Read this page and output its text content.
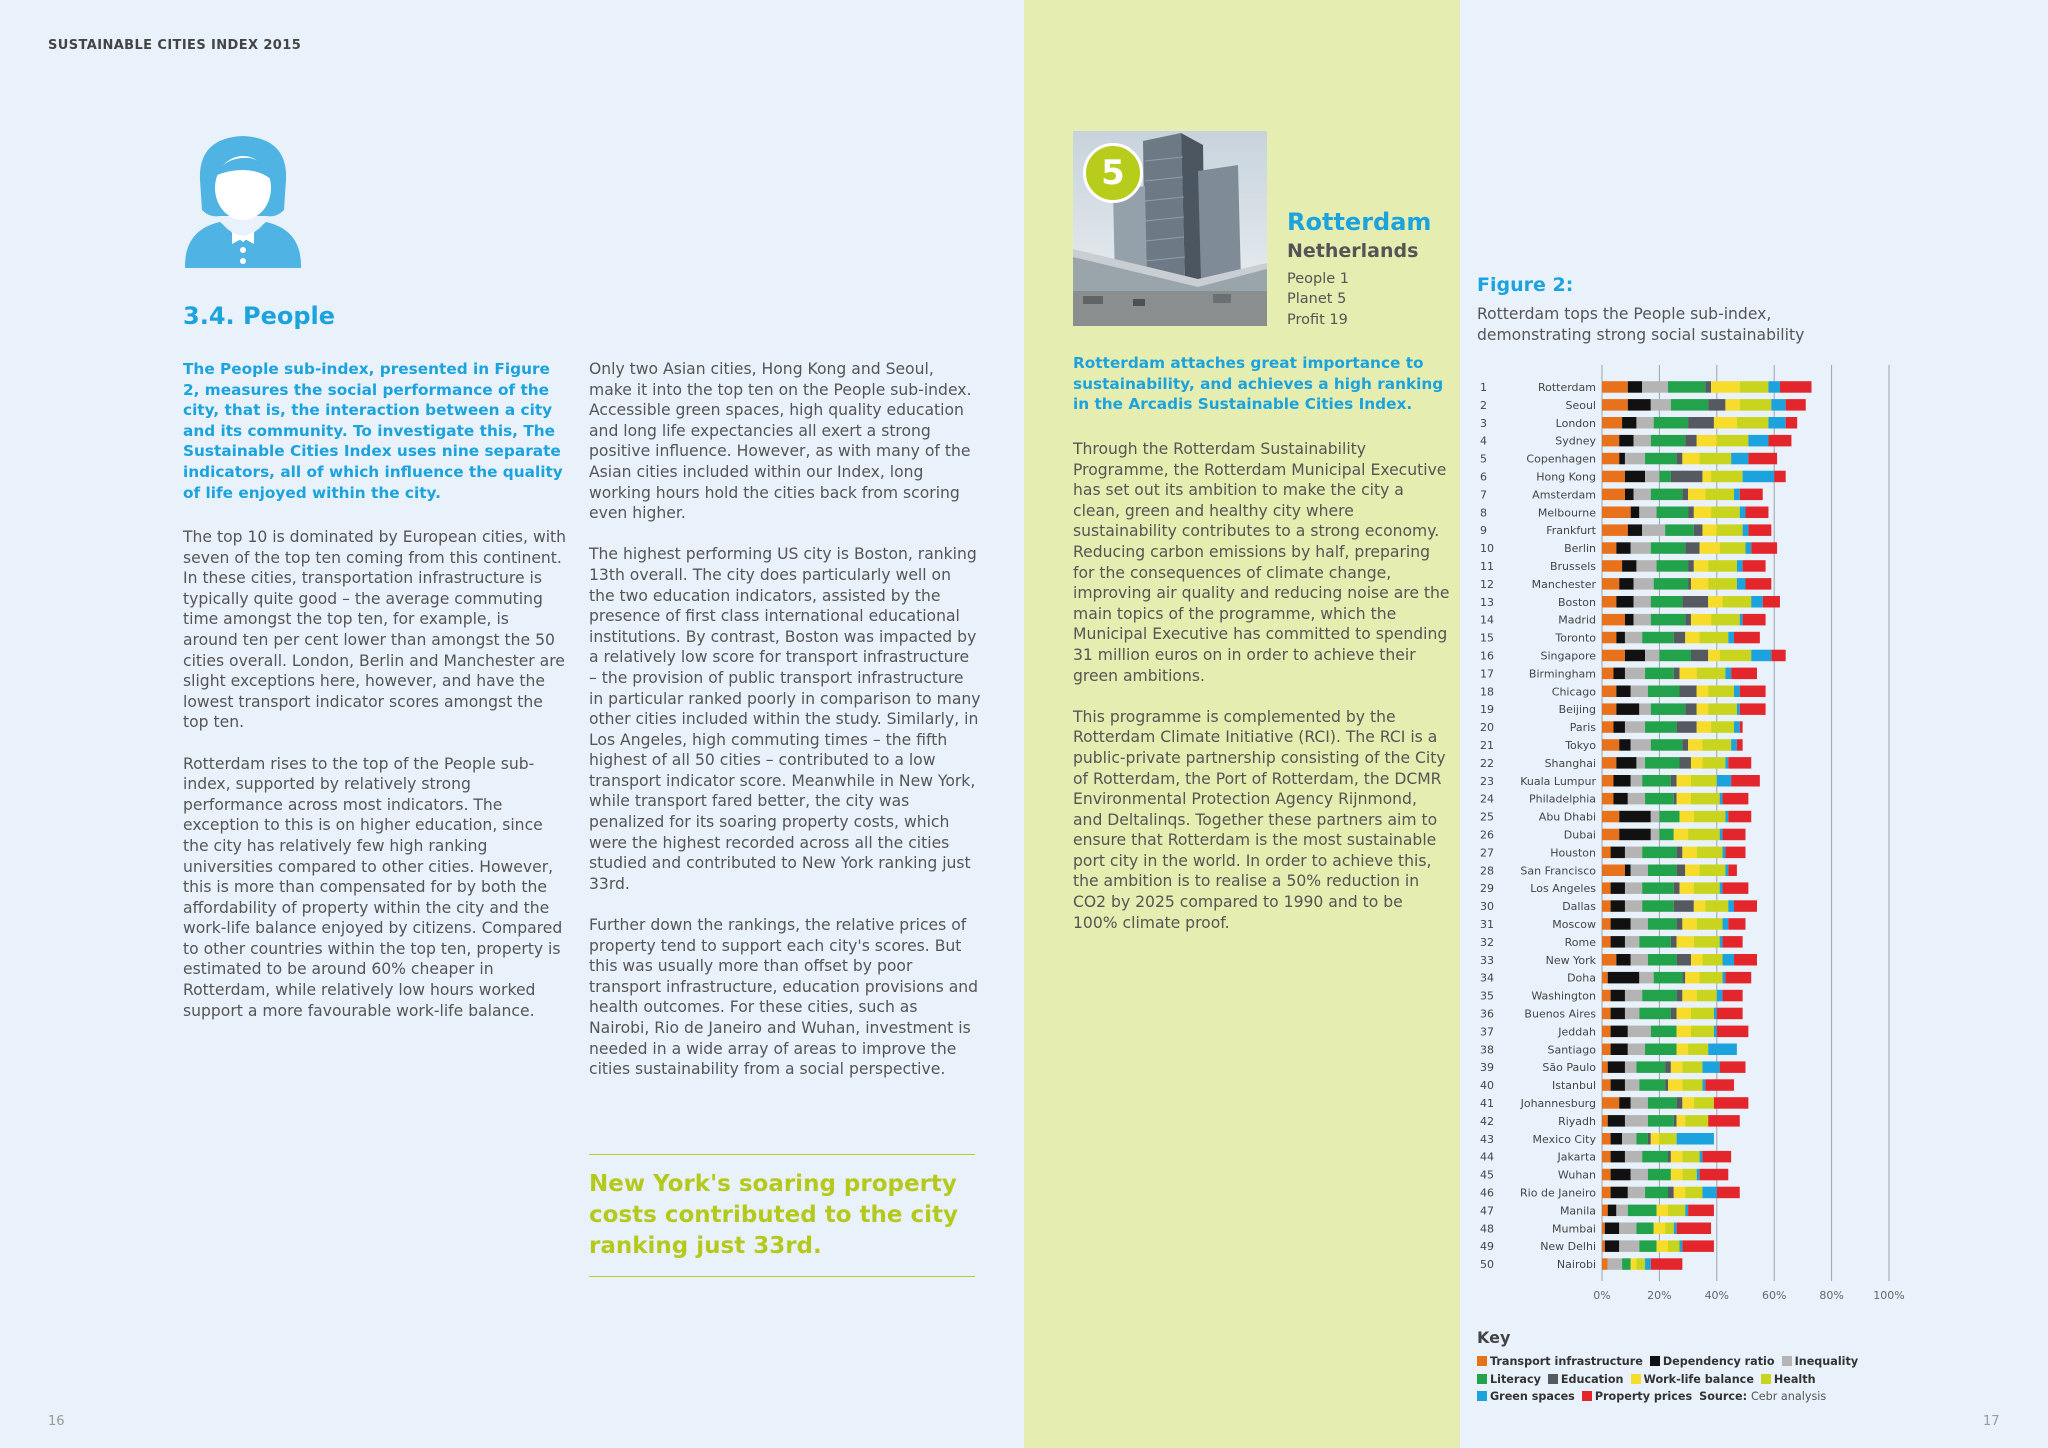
SUSTAINABLE CITIES INDEX 2015
3.4. People
The People sub-index, presented in Figure 2, measures the social performance of the city, that is, the interaction between a city and its community. To investigate this, The Sustainable Cities Index uses nine separate indicators, all of which influence the quality of life enjoyed within the city.

The top 10 is dominated by European cities, with seven of the top ten coming from this continent. In these cities, transportation infrastructure is typically quite good – the average commuting time amongst the top ten, for example, is around ten per cent lower than amongst the 50 cities overall. London, Berlin and Manchester are slight exceptions here, however, and have the lowest transport indicator scores amongst the top ten.

Rotterdam rises to the top of the People sub-index, supported by relatively strong performance across most indicators. The exception to this is on higher education, since the city has relatively few high ranking universities compared to other cities. However, this is more than compensated for by both the affordability of property within the city and the work-life balance enjoyed by citizens. Compared to other countries within the top ten, property is estimated to be around 60% cheaper in Rotterdam, while relatively low hours worked support a more favourable work-life balance.

Only two Asian cities, Hong Kong and Seoul, make it into the top ten on the People sub-index. Accessible green spaces, high quality education and long life expectancies all exert a strong positive influence. However, as with many of the Asian cities included within our Index, long working hours hold the cities back from scoring even higher.

The highest performing US city is Boston, ranking 13th overall. The city does particularly well on the two education indicators, assisted by the presence of first class international educational institutions. By contrast, Boston was impacted by a relatively low score for transport infrastructure – the provision of public transport infrastructure in particular ranked poorly in comparison to many other cities included within the study. Similarly, in Los Angeles, high commuting times – the fifth highest of all 50 cities – contributed to a low transport indicator score. Meanwhile in New York, while transport fared better, the city was penalized for its soaring property costs, which were the highest recorded across all the cities studied and contributed to New York ranking just 33rd.

Further down the rankings, the relative prices of property tend to support each city's scores. But this was usually more than offset by poor transport infrastructure, education provisions and health outcomes. For these cities, such as Nairobi, Rio de Janeiro and Wuhan, investment is needed in a wide array of areas to improve the cities sustainability from a social perspective.

New York's soaring property costs contributed to the city ranking just 33rd.
5
Rotterdam
Netherlands
People 1
Planet 5
Profit 19
Rotterdam attaches great importance to sustainability, and achieves a high ranking in the Arcadis Sustainable Cities Index.

Through the Rotterdam Sustainability Programme, the Rotterdam Municipal Executive has set out its ambition to make the city a clean, green and healthy city where sustainability contributes to a strong economy. Reducing carbon emissions by half, preparing for the consequences of climate change, improving air quality and reducing noise are the main topics of the programme, which the Municipal Executive has committed to spending 31 million euros on in order to achieve their green ambitions.

This programme is complemented by the Rotterdam Climate Initiative (RCI). The RCI is a public-private partnership consisting of the City of Rotterdam, the Port of Rotterdam, the DCMR Environmental Protection Agency Rijnmond, and Deltalinqs. Together these partners aim to ensure that Rotterdam is the most sustainable port city in the world. In order to achieve this, the ambition is to realise a 50% reduction in CO2 by 2025 compared to 1990 and to be 100% climate proof.

Figure 2:
Rotterdam tops the People sub-index, demonstrating strong social sustainability
0%	20%	40%	60%	80%	100%
1	Rotterdam
2	Seoul
3	London
4	Sydney
5	Copenhagen
6	Hong Kong
7	Amsterdam
8	Melbourne
9	Frankfurt
10	Berlin
11	Brussels
12	Manchester
13	Boston
14	Madrid
15	Toronto
16	Singapore
17	Birmingham
18	Chicago
19	Beijing
20	Paris
21	Tokyo
22	Shanghai
23 Kuala Lumpur
24	Philadelphia
25	Abu Dhabi
26	Dubai
27	Houston
28 San Francisco
29	Los Angeles
30	Dallas
31	Moscow
32	Rome
33	New York
34	Doha
35	Washington
36	Buenos Aires
37	Jeddah
38	Santiago
39	São Paulo
40	Istanbul
41 Johannesburg
42	Riyadh
43	Mexico City
44	Jakarta
45	Wuhan
46 Rio de Janeiro
47	Manila
48	Mumbai
49	New Delhi
50	Nairobi
Key
Transport infrastructure Dependency ratio InequalityLiteracy Education Work-life balance HealthGreen spaces Property prices Source: Cebr analysis
16	17
